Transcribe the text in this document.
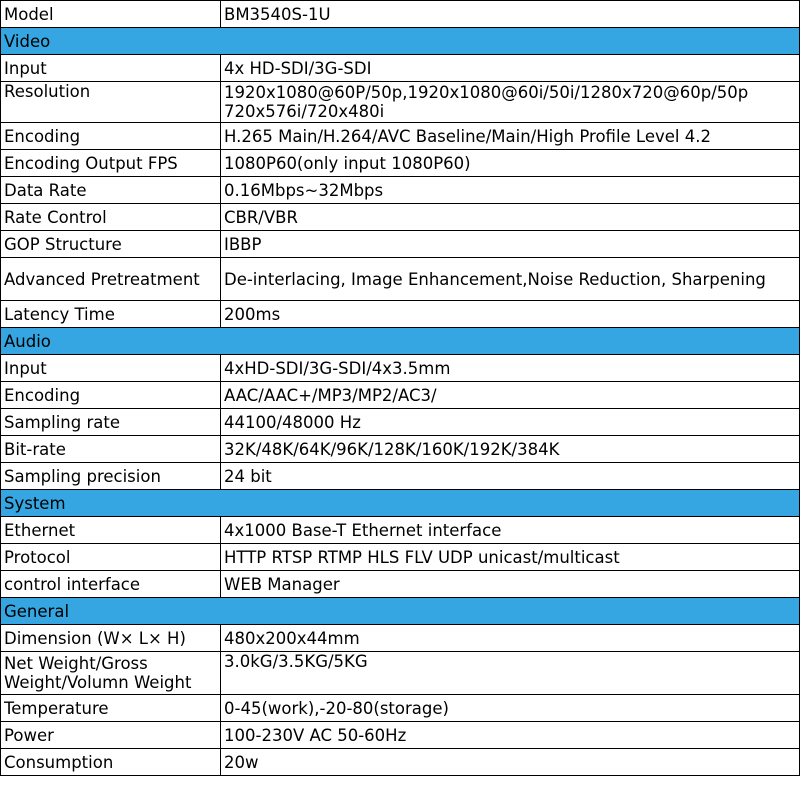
Model	BM3540S-1U
Video	
Input	4x HD-SDI/3G-SDI
Resolution	1920x1080@60P/50p,1920x1080@60i/50i/1280x720@60p/50p 720x576i/720x480i
Encoding	H.265 Main/H.264/AVC Baseline/Main/High Profile Level 4.2
Encoding Output FPS	1080P60(only input 1080P60)
Data Rate	0.16Mbps~32Mbps
Rate Control	CBR/VBR
GOP Structure	IBBP
Advanced Pretreatment	De-interlacing, Image Enhancement,Noise Reduction, Sharpening
Latency Time	200ms
Audio	
Input	4xHD-SDI/3G-SDI/4x3.5mm
Encoding	AAC/AAC+/MP3/MP2/AC3/
Sampling rate	44100/48000 Hz
Bit-rate	32K/48K/64K/96K/128K/160K/192K/384K
Sampling precision	24 bit
System	
Ethernet	4x1000 Base-T Ethernet interface
Protocol	HTTP RTSP RTMP HLS FLV UDP unicast/multicast
control interface	WEB Manager
General	
Dimension (W× L× H)	480x200x44mm
Net Weight/Gross Weight/Volumn Weight	3.0kG/3.5KG/5KG
Temperature	0-45(work),-20-80(storage)
Power	100-230V AC 50-60Hz
Consumption	20w
